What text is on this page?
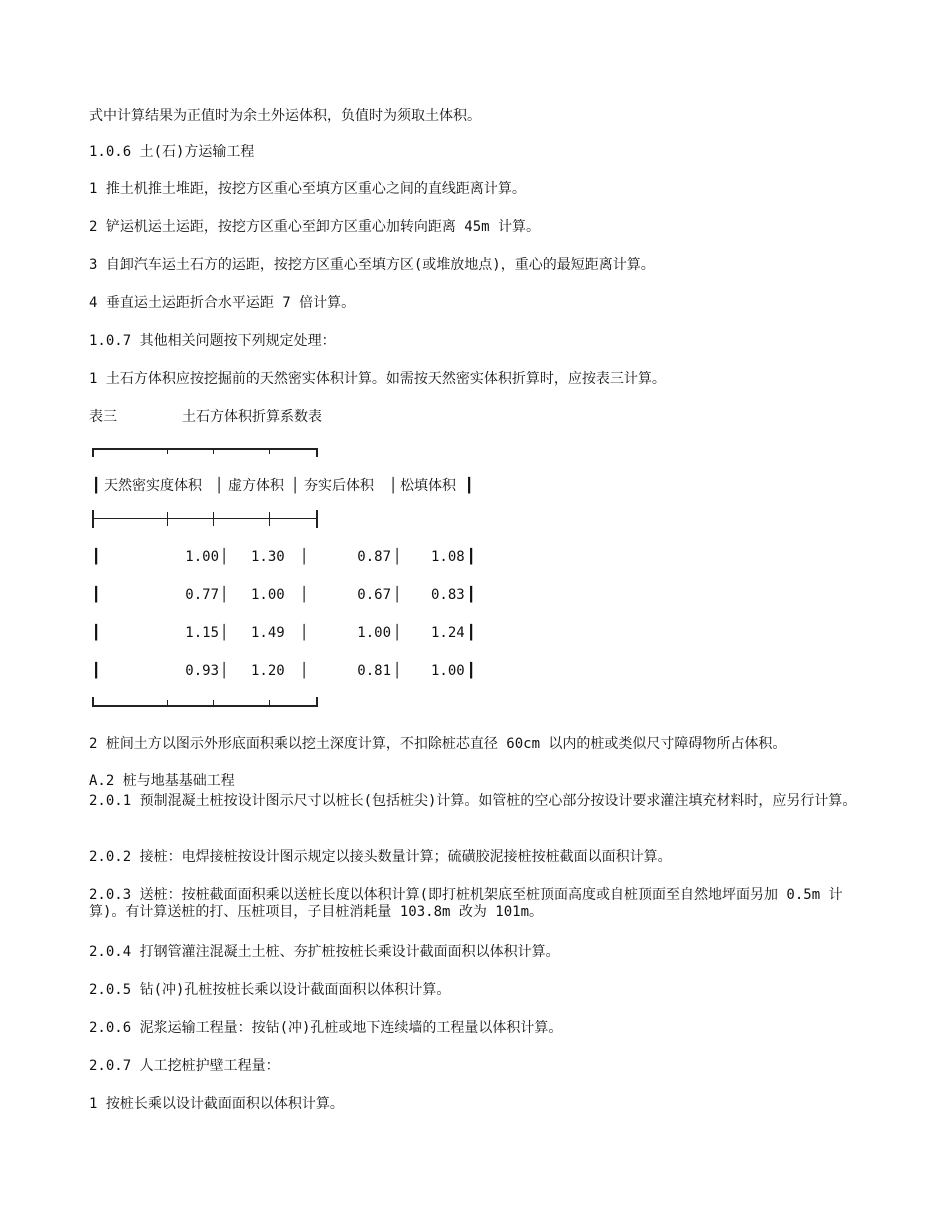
式中计算结果为正值时为余土外运体积，负值时为须取土体积。
1.0.6 土(石)方运输工程
1 推土机推土堆距，按挖方区重心至填方区重心之间的直线距离计算。
2 铲运机运土运距，按挖方区重心至卸方区重心加转向距离 45m 计算。
3 自卸汽车运土石方的运距，按挖方区重心至填方区(或堆放地点)，重心的最短距离计算。
4 垂直运土运距折合水平运距 7 倍计算。
1.0.7 其他相关问题按下列规定处理：
1 土石方体积应按挖掘前的天然密实体积计算。如需按天然密实体积折算时，应按表三计算。
表三	土石方体积折算系数表
┃ 天然密实度体积 │ 虚方体积 │ 夯实后体积 │ 松填体积 ┃
┃	1.00 │ 1.30 │	0.87 │ 1.08 ┃
┃	0.77 │ 1.00 │	0.67 │ 0.83 ┃
┃	1.15 │ 1.49 │	1.00 │ 1.24 ┃
┃	0.93 │ 1.20 │	0.81 │ 1.00 ┃
2 桩间土方以图示外形底面积乘以挖土深度计算，不扣除桩芯直径 60cm 以内的桩或类似尺寸障碍物所占体积。
A.2 桩与地基基础工程
2.0.1 预制混凝土桩按设计图示尺寸以桩长(包括桩尖)计算。如管桩的空心部分按设计要求灌注填充材料时，应另行计算。
2.0.2 接桩：电焊接桩按设计图示规定以接头数量计算；硫磺胶泥接桩按桩截面以面积计算。
2.0.3 送桩：按桩截面面积乘以送桩长度以体积计算(即打桩机架底至桩顶面高度或自桩顶面至自然地坪面另加 0.5m 计算)。有计算送桩的打、压桩项目，子目桩消耗量 103.8m 改为 101m。
2.0.4 打钢管灌注混凝土土桩、夯扩桩按桩长乘设计截面面积以体积计算。
2.0.5 钻(冲)孔桩按桩长乘以设计截面面积以体积计算。
2.0.6 泥浆运输工程量：按钻(冲)孔桩或地下连续墙的工程量以体积计算。
2.0.7 人工挖桩护壁工程量：
1 按桩长乘以设计截面面积以体积计算。
